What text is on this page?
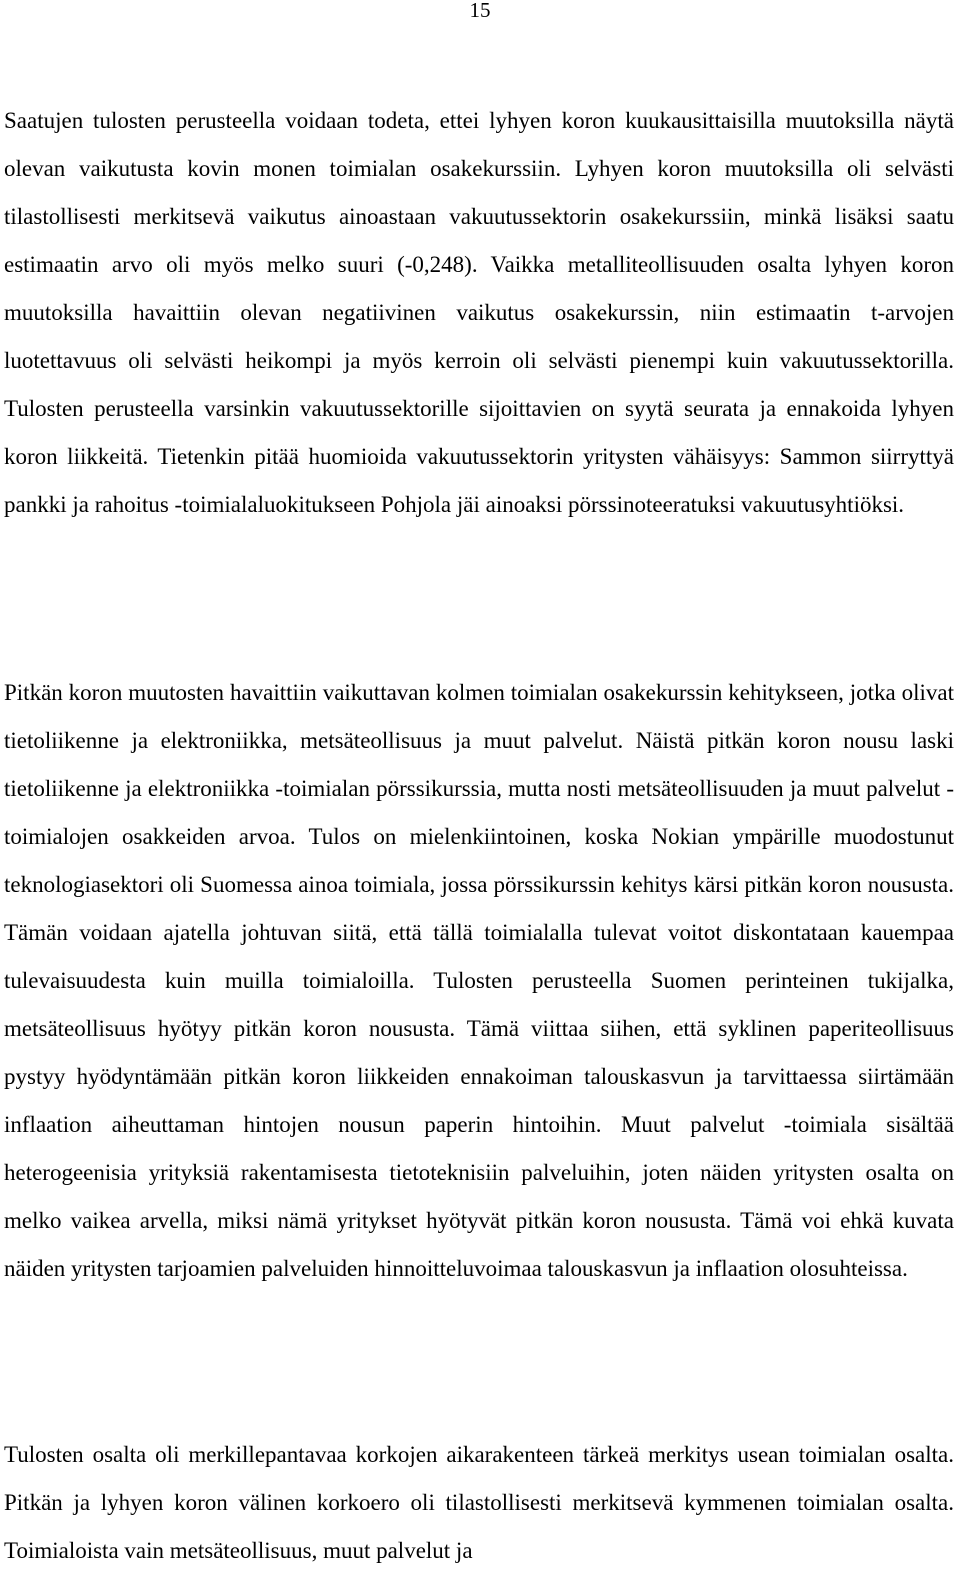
15

Saatujen tulosten perusteella voidaan todeta, ettei lyhyen koron kuukausittaisilla muutoksilla näytä olevan vaikutusta kovin monen toimialan osakekurssiin. Lyhyen koron muutoksilla oli selvästi tilastollisesti merkitsevä vaikutus ainoastaan vakuutussektorin osakekurssiin, minkä lisäksi saatu estimaatin arvo oli myös melko suuri (-0,248). Vaikka metalliteollisuuden osalta lyhyen koron muutoksilla havaittiin olevan negatiivinen vaikutus osakekurssin, niin estimaatin t-arvojen luotettavuus oli selvästi heikompi ja myös kerroin oli selvästi pienempi kuin vakuutussektorilla. Tulosten perusteella varsinkin vakuutussektorille sijoittavien on syytä seurata ja ennakoida lyhyen koron liikkeitä. Tietenkin pitää huomioida vakuutussektorin yritysten vähäisyys: Sammon siirryttyä pankki ja rahoitus -toimialaluokitukseen Pohjola jäi ainoaksi pörssinoteeratuksi vakuutusyhtiöksi.

Pitkän koron muutosten havaittiin vaikuttavan kolmen toimialan osakekurssin kehitykseen, jotka olivat tietoliikenne ja elektroniikka, metsäteollisuus ja muut palvelut. Näistä pitkän koron nousu laski tietoliikenne ja elektroniikka -toimialan pörssikurssia, mutta nosti metsäteollisuuden ja muut palvelut -toimialojen osakkeiden arvoa. Tulos on mielenkiintoinen, koska Nokian ympärille muodostunut teknologiasektori oli Suomessa ainoa toimiala, jossa pörssikurssin kehitys kärsi pitkän koron noususta. Tämän voidaan ajatella johtuvan siitä, että tällä toimialalla tulevat voitot diskontataan kauempaa tulevaisuudesta kuin muilla toimialoilla. Tulosten perusteella Suomen perinteinen tukijalka, metsäteollisuus hyötyy pitkän koron noususta. Tämä viittaa siihen, että syklinen paperiteollisuus pystyy hyödyntämään pitkän koron liikkeiden ennakoiman talouskasvun ja tarvittaessa siirtämään inflaation aiheuttaman hintojen nousun paperin hintoihin. Muut palvelut -toimiala sisältää heterogeenisia yrityksiä rakentamisesta tietoteknisiin palveluihin, joten näiden yritysten osalta on melko vaikea arvella, miksi nämä yritykset hyötyvät pitkän koron noususta. Tämä voi ehkä kuvata näiden yritysten tarjoamien palveluiden hinnoitteluvoimaa talouskasvun ja inflaation olosuhteissa.

Tulosten osalta oli merkillepantavaa korkojen aikarakenteen tärkeä merkitys usean toimialan osalta. Pitkän ja lyhyen koron välinen korkoero oli tilastollisesti merkitsevä kymmenen toimialan osalta. Toimialoista vain metsäteollisuus, muut palvelut ja
